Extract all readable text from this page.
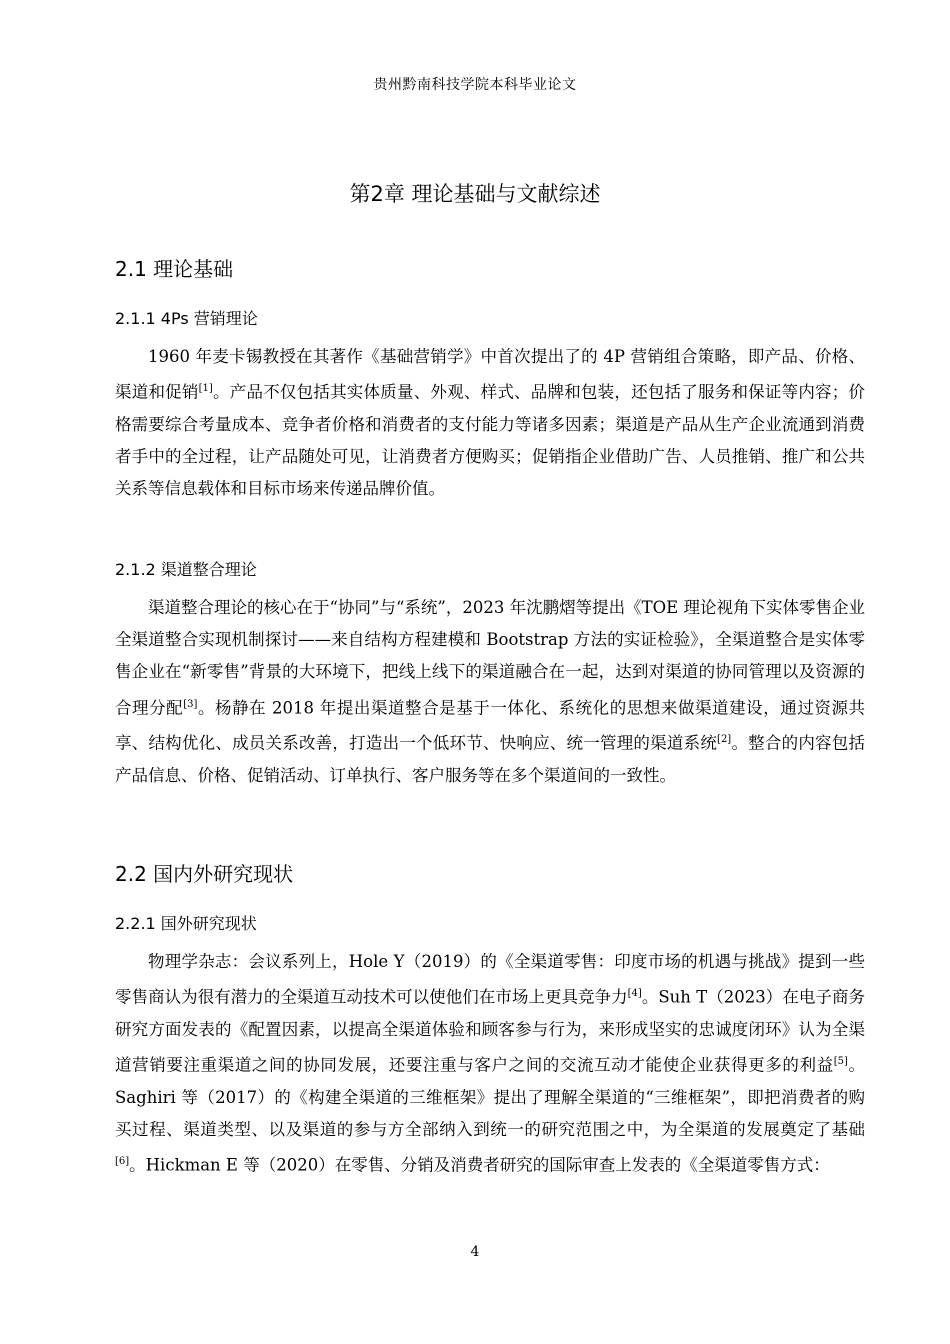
贵州黔南科技学院本科毕业论文
第2章 理论基础与文献综述
2.1 理论基础
2.1.1 4Ps 营销理论

1960 年麦卡锡教授在其著作《基础营销学》中首次提出了的 4P 营销组合策略，即产品、价格、渠道和促销[1]。产品不仅包括其实体质量、外观、样式、品牌和包装，还包括了服务和保证等内容；价格需要综合考量成本、竞争者价格和消费者的支付能力等诸多因素；渠道是产品从生产企业流通到消费者手中的全过程，让产品随处可见，让消费者方便购买；促销指企业借助广告、人员推销、推广和公共关系等信息载体和目标市场来传递品牌价值。

2.1.2 渠道整合理论

渠道整合理论的核心在于“协同”与“系统”，2023 年沈鹏熠等提出《TOE 理论视角下实体零售企业全渠道整合实现机制探讨——来自结构方程建模和 Bootstrap 方法的实证检验》，全渠道整合是实体零售企业在“新零售”背景的大环境下，把线上线下的渠道融合在一起，达到对渠道的协同管理以及资源的合理分配[3]。杨静在 2018 年提出渠道整合是基于一体化、系统化的思想来做渠道建设，通过资源共享、结构优化、成员关系改善，打造出一个低环节、快响应、统一管理的渠道系统[2]。整合的内容包括产品信息、价格、促销活动、订单执行、客户服务等在多个渠道间的一致性。

2.2 国内外研究现状
2.2.1 国外研究现状

物理学杂志：会议系列上，Hole Y（2019）的《全渠道零售：印度市场的机遇与挑战》提到一些零售商认为很有潜力的全渠道互动技术可以使他们在市场上更具竞争力[4]。Suh T（2023）在电子商务研究方面发表的《配置因素，以提高全渠道体验和顾客参与行为，来形成坚实的忠诚度闭环》认为全渠道营销要注重渠道之间的协同发展，还要注重与客户之间的交流互动才能使企业获得更多的利益[5]。Saghiri 等（2017）的《构建全渠道的三维框架》提出了理解全渠道的“三维框架”，即把消费者的购买过程、渠道类型、以及渠道的参与方全部纳入到统一的研究范围之中，为全渠道的发展奠定了基础[6]。Hickman E 等（2020）在零售、分销及消费者研究的国际审查上发表的《全渠道零售方式：

4
